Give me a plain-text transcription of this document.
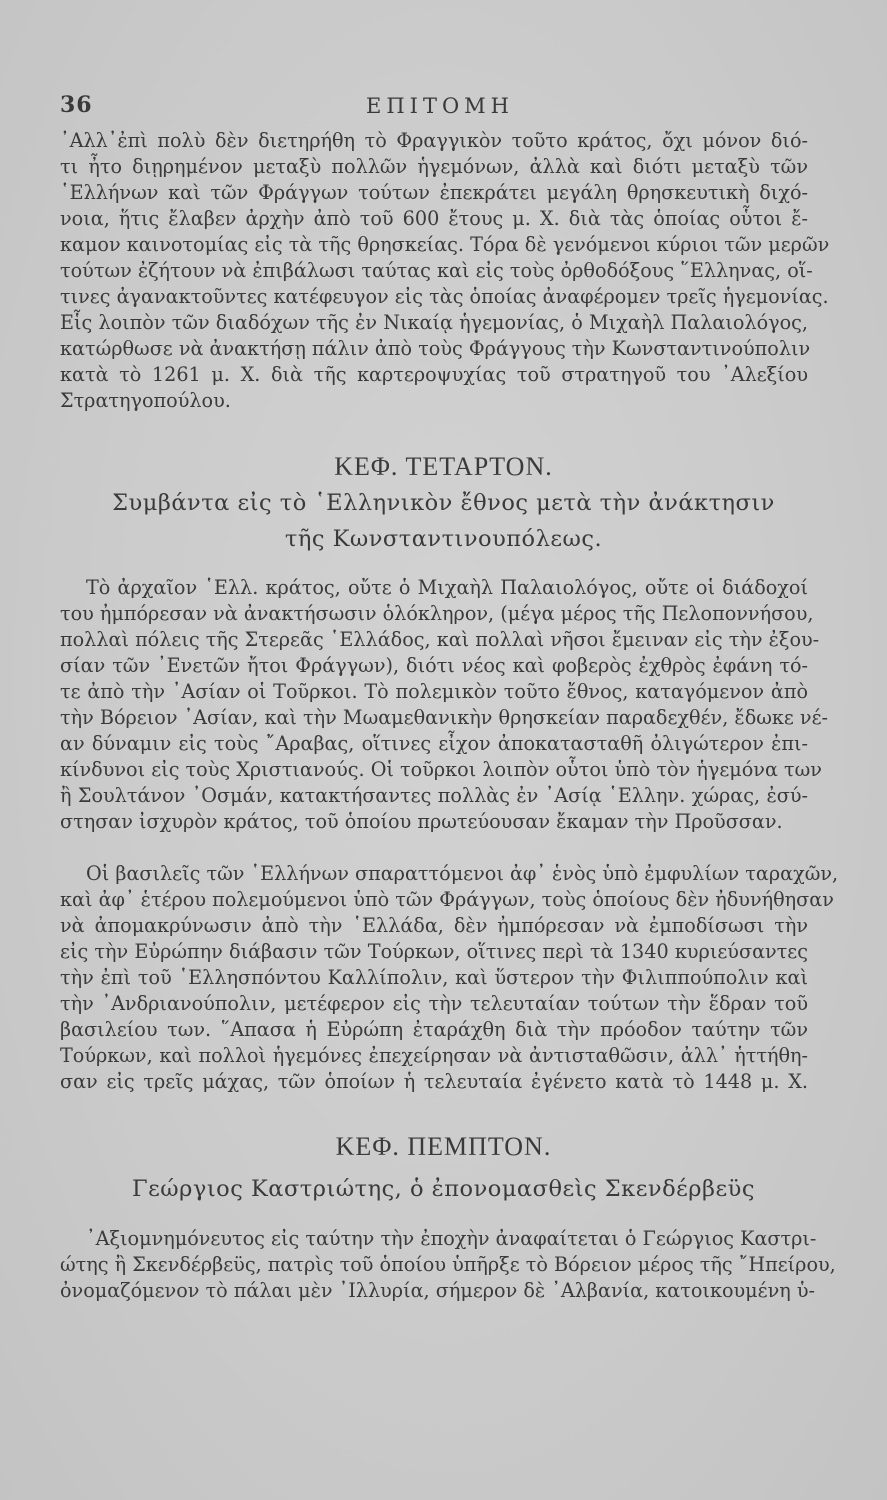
36	ΕΠΙΤΟΜΗ
᾽Αλλ᾽ἐπὶ πολὺ δὲν διετηρήθη τὸ Φραγγικὸν τοῦτο κράτος, ὄχι μόνον διό-
τι ἦτο διῃρημένον μεταξὺ πολλῶν ἡγεμόνων, ἀλλὰ καὶ διότι μεταξὺ τῶν
῾Ελλήνων καὶ τῶν Φράγγων τούτων ἐπεκράτει μεγάλη θρησκευτικὴ διχό-
νοια, ἥτις ἔλαβεν ἀρχὴν ἀπὸ τοῦ 600 ἔτους μ. Χ. διὰ τὰς ὁποίας οὗτοι ἔ-
καμον καινοτομίας εἰς τὰ τῆς θρησκείας. Τόρα δὲ γενόμενοι κύριοι τῶν μερῶν
τούτων ἐζήτουν νὰ ἐπιβάλωσι ταύτας καὶ εἰς τοὺς ὀρθοδόξους ῞Ελληνας, οἵ-
τινες ἀγανακτοῦντες κατέφευγον εἰς τὰς ὁποίας ἀναφέρομεν τρεῖς ἡγεμονίας.
Εἷς λοιπὸν τῶν διαδόχων τῆς ἐν Νικαίᾳ ἡγεμονίας, ὁ Μιχαὴλ Παλαιολόγος,
κατώρθωσε νὰ ἀνακτήσῃ πάλιν ἀπὸ τοὺς Φράγγους τὴν Κωνσταντινούπολιν
κατὰ τὸ 1261 μ. Χ. διὰ τῆς καρτεροψυχίας τοῦ στρατηγοῦ του ᾽Αλεξίου
Στρατηγοπούλου.
ΚΕΦ. ΤΕΤΑΡΤΟΝ.
Συμβάντα εἰς τὸ ῾Ελληνικὸν ἔθνος μετὰ τὴν ἀνάκτησιν
τῆς Κωνσταντινουπόλεως.
Τὸ ἀρχαῖον ῾Ελλ. κράτος, οὔτε ὁ Μιχαὴλ Παλαιολόγος, οὔτε οἱ διάδοχοί
του ἠμπόρεσαν νὰ ἀνακτήσωσιν ὁλόκληρον, (μέγα μέρος τῆς Πελοποννήσου,
πολλαὶ πόλεις τῆς Στερεᾶς ῾Ελλάδος, καὶ πολλαὶ νῆσοι ἔμειναν εἰς τὴν ἐξου-
σίαν τῶν ᾽Ενετῶν ἤτοι Φράγγων), διότι νέος καὶ φοβερὸς ἐχθρὸς ἐφάνη τό-
τε ἀπὸ τὴν ᾽Ασίαν οἱ Τοῦρκοι. Τὸ πολεμικὸν τοῦτο ἔθνος, καταγόμενον ἀπὸ
τὴν Βόρειον ᾽Ασίαν, καὶ τὴν Μωαμεθανικὴν θρησκείαν παραδεχθέν, ἔδωκε νέ-
αν δύναμιν εἰς τοὺς ῎Αραβας, οἵτινες εἶχον ἀποκατασταθῆ ὀλιγώτερον ἐπι-
κίνδυνοι εἰς τοὺς Χριστιανούς. Οἱ τοῦρκοι λοιπὸν οὗτοι ὑπὸ τὸν ἡγεμόνα των
ἢ Σουλτάνον ᾽Οσμάν, κατακτήσαντες πολλὰς ἐν ᾽Ασίᾳ ῾Ελλην. χώρας, ἐσύ-
στησαν ἰσχυρὸν κράτος, τοῦ ὁποίου πρωτεύουσαν ἔκαμαν τὴν Προῦσσαν.
Οἱ βασιλεῖς τῶν ῾Ελλήνων σπαραττόμενοι ἀφ᾽ ἑνὸς ὑπὸ ἐμφυλίων ταραχῶν,
καὶ ἀφ᾽ ἑτέρου πολεμούμενοι ὑπὸ τῶν Φράγγων, τοὺς ὁποίους δὲν ἠδυνήθησαν
νὰ ἀπομακρύνωσιν ἀπὸ τὴν ῾Ελλάδα, δὲν ἠμπόρεσαν νὰ ἐμποδίσωσι τὴν
εἰς τὴν Εὐρώπην διάβασιν τῶν Τούρκων, οἵτινες περὶ τὰ 1340 κυριεύσαντες
τὴν ἐπὶ τοῦ ῾Ελλησπόντου Καλλίπολιν, καὶ ὕστερον τὴν Φιλιππούπολιν καὶ
τὴν ᾽Ανδριανούπολιν, μετέφερον εἰς τὴν τελευταίαν τούτων τὴν ἕδραν τοῦ
βασιλείου των. ῞Απασα ἡ Εὐρώπη ἐταράχθη διὰ τὴν πρόοδον ταύτην τῶν
Τούρκων, καὶ πολλοὶ ἡγεμόνες ἐπεχείρησαν νὰ ἀντισταθῶσιν, ἀλλ᾽ ἡττήθη-
σαν εἰς τρεῖς μάχας, τῶν ὁποίων ἡ τελευταία ἐγένετο κατὰ τὸ 1448 μ. Χ.
ΚΕΦ. ΠΕΜΠΤΟΝ.
Γεώργιος Καστριώτης, ὁ ἐπονομασθεὶς Σκενδέρβεϋς
᾽Αξιομνημόνευτος εἰς ταύτην τὴν ἐποχὴν ἀναφαίτεται ὁ Γεώργιος Καστρι-
ώτης ἢ Σκενδέρβεϋς, πατρὶς τοῦ ὁποίου ὑπῆρξε τὸ Βόρειον μέρος τῆς ῎Ηπείρου,
ὀνομαζόμενον τὸ πάλαι μὲν ᾽Ιλλυρία, σήμερον δὲ ᾽Αλβανία, κατοικουμένη ὑ-
